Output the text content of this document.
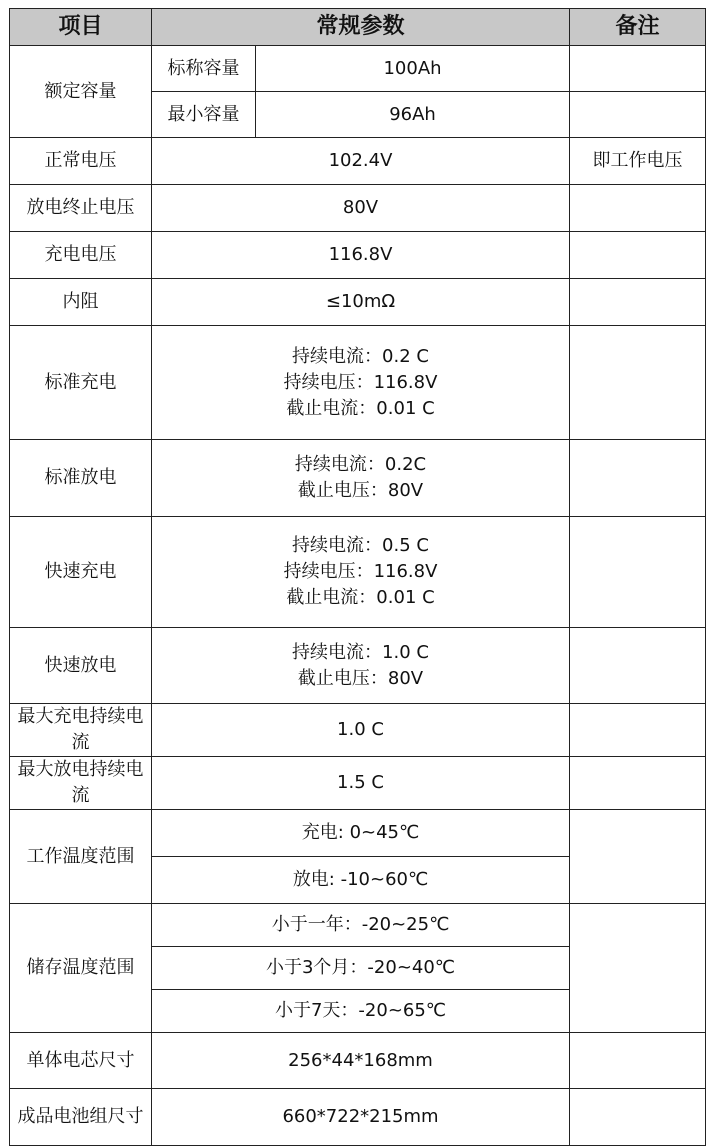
项目	常规参数		备注
额定容量	标称容量	100Ah	
	最小容量	96Ah	
正常电压	102.4V		即工作电压
放电终止电压	80V		
充电电压	116.8V		
内阻	≤10mΩ		
标准充电	持续电流：0.2 C
持续电压：116.8V
截止电流：0.01 C		

标准放电	持续电流：0.2C
截止电压：80V		

快速充电	持续电流：0.5 C
持续电压：116.8V
截止电流：0.01 C		

快速放电	持续电流：1.0 C
截止电压：80V		

最大充电持续电流	1.0 C		
最大放电持续电流	1.5 C		
工作温度范围	充电: 0~45℃		
	放电: -10~60℃		
储存温度范围	小于一年：-20~25℃		
	小于3个月：-20~40℃		
	小于7天：-20~65℃		
单体电芯尺寸	256*44*168mm		
成品电池组尺寸	660*722*215mm		
